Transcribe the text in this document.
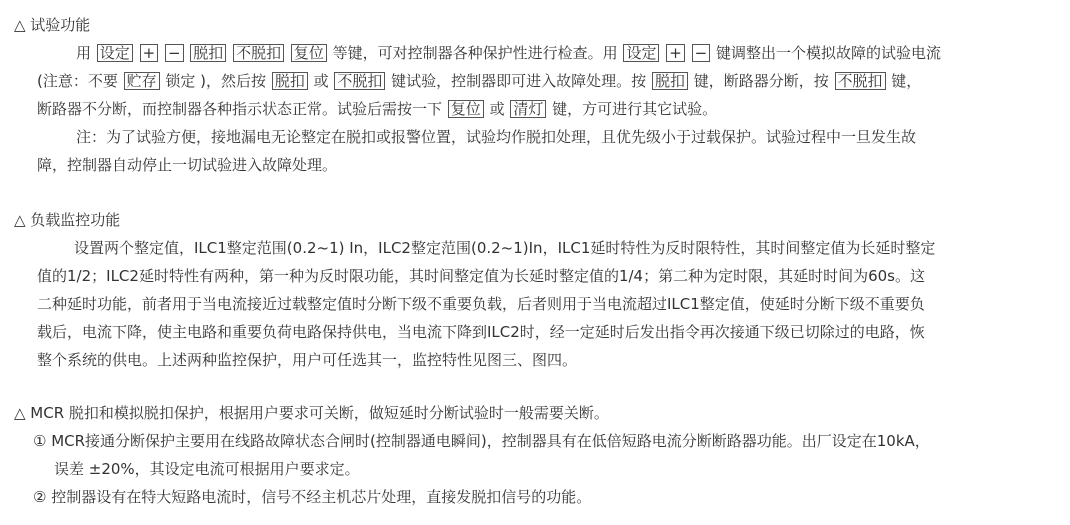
△ 试验功能
用 设定 + − 脱扣 不脱扣 复位 等键，可对控制器各种保护性进行检查。用 设定 + − 键调整出一个模拟故障的试验电流
(注意：不要 贮存 锁定 )，然后按 脱扣 或 不脱扣 键试验，控制器即可进入故障处理。按 脱扣 键，断路器分断，按 不脱扣 键，
断路器不分断，而控制器各种指示状态正常。试验后需按一下 复位 或 清灯 键，方可进行其它试验。
注：为了试验方便，接地漏电无论整定在脱扣或报警位置，试验均作脱扣处理，且优先级小于过载保护。试验过程中一旦发生故
障，控制器自动停止一切试验进入故障处理。
△ 负载监控功能
设置两个整定值，ILC1整定范围(0.2~1) In，ILC2整定范围(0.2~1)In，ILC1延时特性为反时限特性，其时间整定值为长延时整定
值的1/2；ILC2延时特性有两种，第一种为反时限功能，其时间整定值为长延时整定值的1/4；第二种为定时限，其延时时间为60s。这
二种延时功能，前者用于当电流接近过载整定值时分断下级不重要负载，后者则用于当电流超过ILC1整定值，使延时分断下级不重要负
载后，电流下降，使主电路和重要负荷电路保持供电，当电流下降到ILC2时，经一定延时后发出指令再次接通下级已切除过的电路，恢
整个系统的供电。上述两种监控保护，用户可任选其一，监控特性见图三、图四。
△ MCR 脱扣和模拟脱扣保护，根据用户要求可关断，做短延时分断试验时一般需要关断。
① MCR接通分断保护主要用在线路故障状态合闸时(控制器通电瞬间)，控制器具有在低倍短路电流分断断路器功能。出厂设定在10kA，
误差 ±20%，其设定电流可根据用户要求定。
② 控制器设有在特大短路电流时，信号不经主机芯片处理，直接发脱扣信号的功能。
